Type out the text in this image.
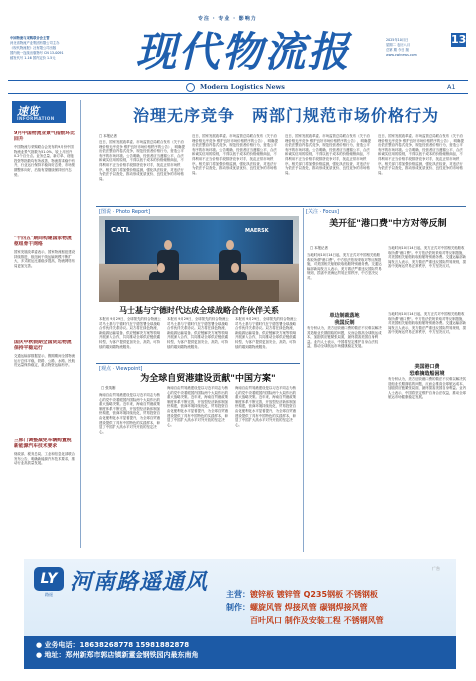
中国物流与采购联合会主管
河北省物流产业集团有限公司主办
《现代物流报》社有限公司出版
国内统一连续出版物号 CN 13-0091
邮发代号 1-16 国内定价 1.5元
专注 · 专业 · 影响力
现代物流报	13
2025年10月日
星期二 农历八月
总第 期 今日 版
www.cwlnews.com
Modern Logistics News	A1
速览
INFORMATION
9月中国物流业景气指数环比回升
中国物流与采购联合会发布的9月份中国物流业景气指数为51.0%，较上月回升0.2个百分点。业务总量、新订单、设施投资等指数均有所改善，物流需求稳中有升，行业运行保持平稳向好态势，市场预期整体向好，后续有望继续保持回升态势。
"十四五"期间构建国家物流枢纽骨干网络
国家发展改革委表示，国家物流枢纽建设持续推进，枢纽间干线运输规模不断扩大，多式联运比重稳步提高，物流网络布局更加完善。
国庆中秋假期全国货运物流保持平稳运行
交通运输部数据显示，假期期间全国物流运行总体平稳，铁路、公路、水路、民航货运量保持稳定，重点物资运输有序。
三部门调整减免车辆购置税新能源汽车技术要求
财政部、税务总局、工业和信息化部联合发布公告，明确新能源汽车技术要求，推动行业高质量发展。
治理无序竞争　两部门规范市场价格行为
□ 本报记者
近日，国家发展改革委、市场监管总局联合发布《关于治理价格无序竞争 维护良好市场价格秩序的公告》，明确提出依法整治内卷式竞争，规范经营者价格行为，营造公平有序的市场环境。公告明确，经营者应当遵循公平、合法和诚实信用的原则，不得以低于成本的价格倾销商品，不得利用不正当价格手段排挤竞争对手，扰乱正常市场秩序。相关部门将加强价格监测，强化执法检查，对违法行为依法予以查处，推动形成优质优价、良性竞争的市场格局。
近日，国家发展改革委、市场监管总局联合发布《关于治理价格无序竞争 维护良好市场价格秩序的公告》，明确提出依法整治内卷式竞争，规范经营者价格行为，营造公平有序的市场环境。公告明确，经营者应当遵循公平、合法和诚实信用的原则，不得以低于成本的价格倾销商品，不得利用不正当价格手段排挤竞争对手，扰乱正常市场秩序。相关部门将加强价格监测，强化执法检查，对违法行为依法予以查处，推动形成优质优价、良性竞争的市场格局。
近日，国家发展改革委、市场监管总局联合发布《关于治理价格无序竞争 维护良好市场价格秩序的公告》，明确提出依法整治内卷式竞争，规范经营者价格行为，营造公平有序的市场环境。公告明确，经营者应当遵循公平、合法和诚实信用的原则，不得以低于成本的价格倾销商品，不得利用不正当价格手段排挤竞争对手，扰乱正常市场秩序。相关部门将加强价格监测，强化执法检查，对违法行为依法予以查处，推动形成优质优价、良性竞争的市场格局。
近日，国家发展改革委、市场监管总局联合发布《关于治理价格无序竞争 维护良好市场价格秩序的公告》，明确提出依法整治内卷式竞争，规范经营者价格行为，营造公平有序的市场环境。公告明确，经营者应当遵循公平、合法和诚实信用的原则，不得以低于成本的价格倾销商品，不得利用不正当价格手段排挤竞争对手，扰乱正常市场秩序。相关部门将加强价格监测，强化执法检查，对违法行为依法予以查处，推动形成优质优价、良性竞争的市场格局。
[图说 · Photo Report]
CATL	MAERSK
马士基与宁德时代达成全球战略合作伙伴关系
本报讯 9月29日，全球领先的综合物流公司马士基与宁德时代在宁德签署全球战略合作伙伴关系协议。双方将在绿色物流、新能源运输装备、供应链解决方案等领域开展深入合作，共同推动全球供应链低碳转型，为客户提供更加安全、高效、可持续的端到端物流服务。
本报讯 9月29日，全球领先的综合物流公司马士基与宁德时代在宁德签署全球战略合作伙伴关系协议。双方将在绿色物流、新能源运输装备、供应链解决方案等领域开展深入合作，共同推动全球供应链低碳转型，为客户提供更加安全、高效、可持续的端到端物流服务。
本报讯 9月29日，全球领先的综合物流公司马士基与宁德时代在宁德签署全球战略合作伙伴关系协议。双方将在绿色物流、新能源运输装备、供应链解决方案等领域开展深入合作，共同推动全球供应链低碳转型，为客户提供更加安全、高效、可持续的端到端物流服务。
[关注 · Focus]
美开征"港口费"中方对等反制
□ 本报记者
当地时间10月14日起，美方正式对中国相关船舶收取所谓"港口费"。中方依法依规采取对等反制措施，对美国相关船舶收取船舶特别港务费。交通运输部新闻发言人表示，美方做法严重违反国际贸易规则，损害中美海运贸易正常秩序，中方坚决反对。
当地时间10月14日起，美方正式对中国相关船舶收取所谓"港口费"。中方依法依规采取对等反制措施，对美国相关船舶收取船舶特别港务费。交通运输部新闻发言人表示，美方做法严重违反国际贸易规则，损害中美海运贸易正常秩序，中方坚决反对。
单边制裁落地
我国反制
有分析认为，美方征收港口费的做法不仅难以解决其造船业长期面临的问题，反而会推高全球航运成本，加剧供应链紧张局面，最终损害美国自身利益。业内人士表示，中国将坚定维护自身合法权益，推动全球航运市场健康稳定发展。
当地时间10月14日起，美方正式对中国相关船舶收取所谓"港口费"。中方依法依规采取对等反制措施，对美国相关船舶收取船舶特别港务费。交通运输部新闻发言人表示，美方做法严重违反国际贸易规则，损害中美海运贸易正常秩序，中方坚决反对。
美国港口费
恐难摘造船困境
有分析认为，美方征收港口费的做法不仅难以解决其造船业长期面临的问题，反而会推高全球航运成本，加剧供应链紧张局面，最终损害美国自身利益。业内人士表示，中国将坚定维护自身合法权益，推动全球航运市场健康稳定发展。
[观点 · Viewpoint]
为全球自贸港建设贡献"中国方案"
□ 张英刚
海南自由贸易港建设是以习近平同志为核心的党中央着眼国内国际两个大局作出的重大战略决策。近年来，海南自贸港政策制度体系不断完善，开放型经济新体制加快构建，营商环境持续优化，贸易投资自由化便利化水平显著提升，为全球自贸港建设提供了具有中国特色的实践样本，彰显了中国扩大高水平对外开放的坚定决心。
海南自由贸易港建设是以习近平同志为核心的党中央着眼国内国际两个大局作出的重大战略决策。近年来，海南自贸港政策制度体系不断完善，开放型经济新体制加快构建，营商环境持续优化，贸易投资自由化便利化水平显著提升，为全球自贸港建设提供了具有中国特色的实践样本，彰显了中国扩大高水平对外开放的坚定决心。
海南自由贸易港建设是以习近平同志为核心的党中央着眼国内国际两个大局作出的重大战略决策。近年来，海南自贸港政策制度体系不断完善，开放型经济新体制加快构建，营商环境持续优化，贸易投资自由化便利化水平显著提升，为全球自贸港建设提供了具有中国特色的实践样本，彰显了中国扩大高水平对外开放的坚定决心。
LY
路遥 河南路遥通风
广告
主营：镀锌板 镀锌管 Q235钢板 不锈钢板
制作：螺旋风管 焊接风管 碳钢焊接风管
百叶风口 制作及安装工程 不锈钢风管
● 业务电话：18638268778 15981882878
● 地址：郑州新郑市郭店镇新董金钢铁园内最东南角
